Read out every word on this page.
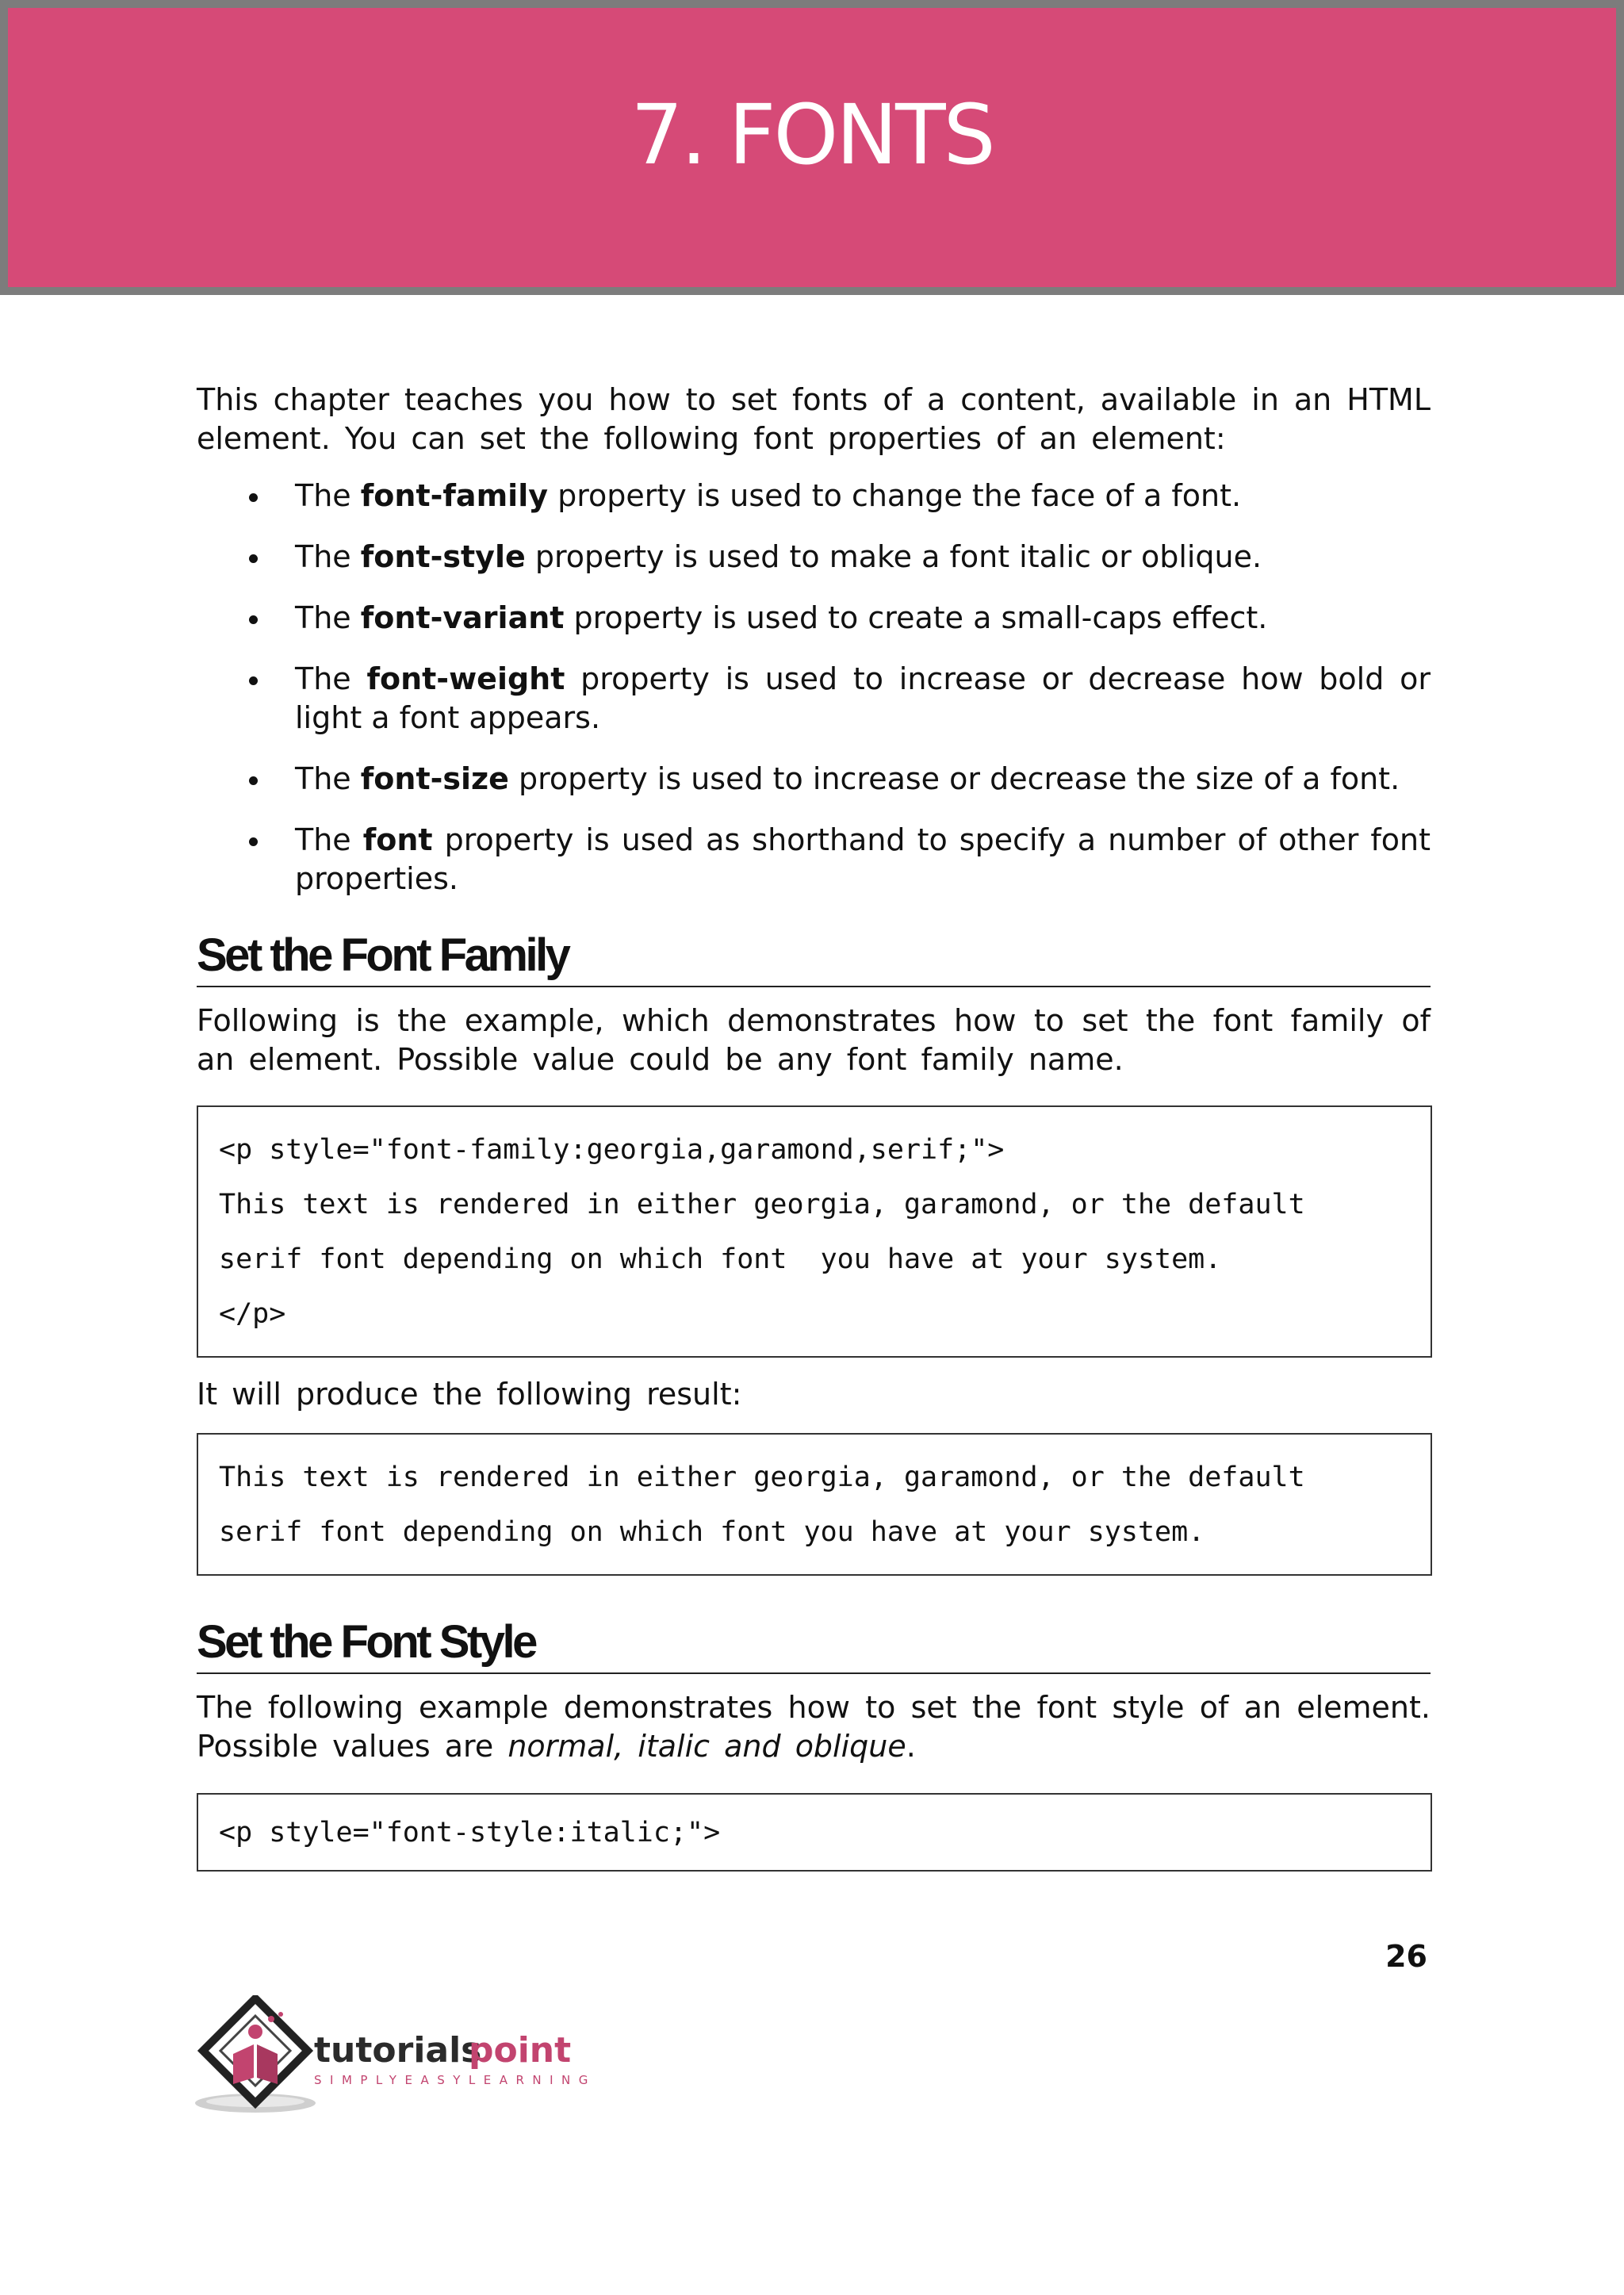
7. FONTS

This chapter teaches you how to set fonts of a content, available in an HTML element. You can set the following font properties of an element:

The font-family property is used to change the face of a font.
The font-style property is used to make a font italic or oblique.
The font-variant property is used to create a small-caps effect.
The font-weight property is used to increase or decrease how bold or light a font appears.
The font-size property is used to increase or decrease the size of a font.
The font property is used as shorthand to specify a number of other font properties.
Set the Font Family

Following is the example, which demonstrates how to set the font family of an element. Possible value could be any font family name.

<p style="font-family:georgia,garamond,serif;">
This text is rendered in either georgia, garamond, or the default
serif font depending on which font  you have at your system.
</p>

It will produce the following result:

This text is rendered in either georgia, garamond, or the default
serif font depending on which font you have at your system.
Set the Font Style

The following example demonstrates how to set the font style of an element. Possible values are normal, italic and oblique.

<p style="font-style:italic;">
26
tutorials
point
SIMPLYEASYLEARNING
